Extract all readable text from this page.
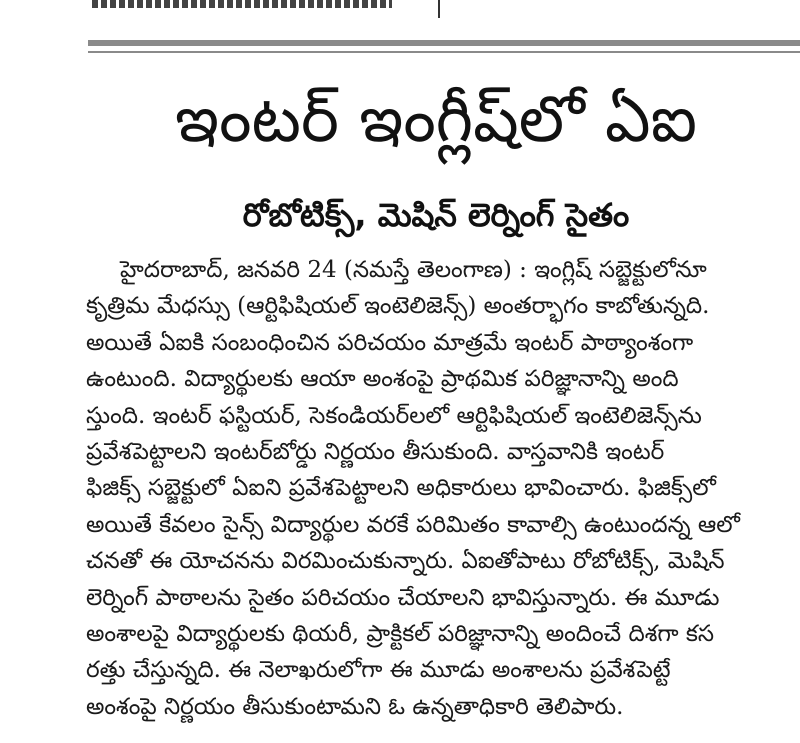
ఇంటర్ ఇంగ్లీష్‌లో ఏఐ
రోబోటిక్స్, మెషిన్ లెర్నింగ్ సైతం
హైదరాబాద్, జనవరి 24 (నమస్తే తెలంగాణ) : ఇంగ్లిష్ సబ్జెక్టులోనూ
కృత్రిమ మేధస్సు (ఆర్టిఫిషియల్ ఇంటెలిజెన్స్) అంతర్భాగం కాబోతున్నది.
అయితే ఏఐకి సంబంధించిన పరిచయం మాత్రమే ఇంటర్ పాఠ్యాంశంగా
ఉంటుంది. విద్యార్థులకు ఆయా అంశంపై ప్రాథమిక పరిజ్ఞానాన్ని అంది
స్తుంది. ఇంటర్ ఫస్టియర్, సెకండియర్‌లలో ఆర్టిఫిషియల్ ఇంటెలిజెన్స్‌ను
ప్రవేశపెట్టాలని ఇంటర్‌బోర్డు నిర్ణయం తీసుకుంది. వాస్తవానికి ఇంటర్
ఫిజిక్స్ సబ్జెక్టులో ఏఐని ప్రవేశపెట్టాలని అధికారులు భావించారు. ఫిజిక్స్‌లో
అయితే కేవలం సైన్స్ విద్యార్థుల వరకే పరిమితం కావాల్సి ఉంటుందన్న ఆలో
చనతో ఈ యోచనను విరమించుకున్నారు. ఏఐతోపాటు రోబోటిక్స్, మెషిన్
లెర్నింగ్ పాఠాలను సైతం పరిచయం చేయాలని భావిస్తున్నారు. ఈ మూడు
అంశాలపై విద్యార్థులకు థియరీ, ప్రాక్టికల్ పరిజ్ఞానాన్ని అందించే దిశగా కస
రత్తు చేస్తున్నది. ఈ నెలాఖరులోగా ఈ మూడు అంశాలను ప్రవేశపెట్టే
అంశంపై నిర్ణయం తీసుకుంటామని ఓ ఉన్నతాధికారి తెలిపారు.
